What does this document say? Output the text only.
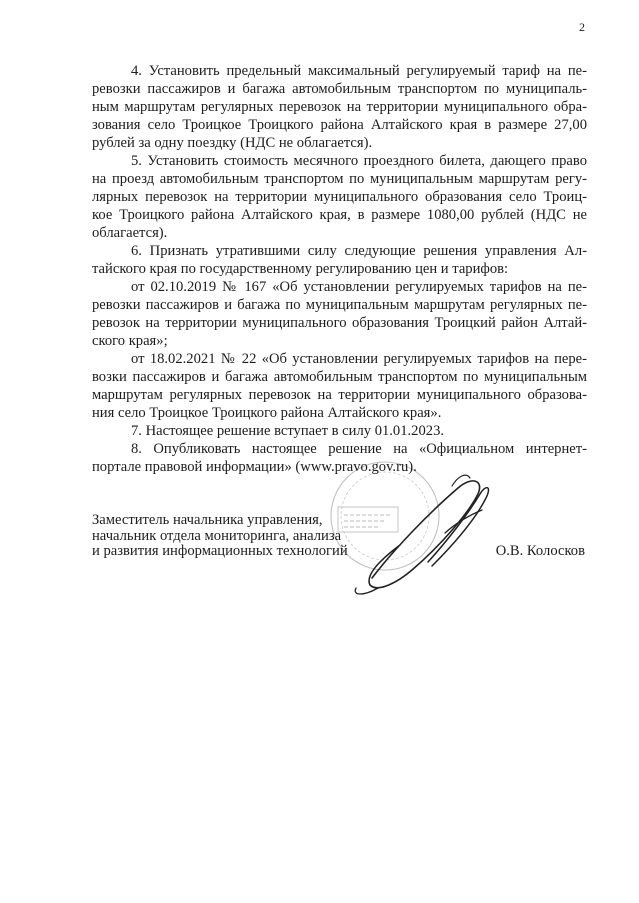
2
4. Установить предельный максимальный регулируемый тариф на пе-
ревозки пассажиров и багажа автомобильным транспортом по муниципаль-
ным маршрутам регулярных перевозок на территории муниципального обра-
зования село Троицкое Троицкого района Алтайского края в размере 27,00
рублей за одну поездку (НДС не облагается).
5. Установить стоимость месячного проездного билета, дающего право
на проезд автомобильным транспортом по муниципальным маршрутам регу-
лярных перевозок на территории муниципального образования село Троиц-
кое Троицкого района Алтайского края, в размере 1080,00 рублей (НДС не
облагается).
6. Признать утратившими силу следующие решения управления Ал-
тайского края по государственному регулированию цен и тарифов:
от 02.10.2019 № 167 «Об установлении регулируемых тарифов на пе-
ревозки пассажиров и багажа по муниципальным маршрутам регулярных пе-
ревозок на территории муниципального образования Троицкий район Алтай-
ского края»;
от 18.02.2021 № 22 «Об установлении регулируемых тарифов на пере-
возки пассажиров и багажа автомобильным транспортом по муниципальным
маршрутам регулярных перевозок на территории муниципального образова-
ния село Троицкое Троицкого района Алтайского края».
7. Настоящее решение вступает в силу 01.01.2023.
8. Опубликовать настоящее решение на «Официальном интернет-
портале правовой информации» (www.pravo.gov.ru).
Заместитель начальника управления,
начальник отдела мониторинга, анализа
и развития информационных технологий	О.В. Колосков
